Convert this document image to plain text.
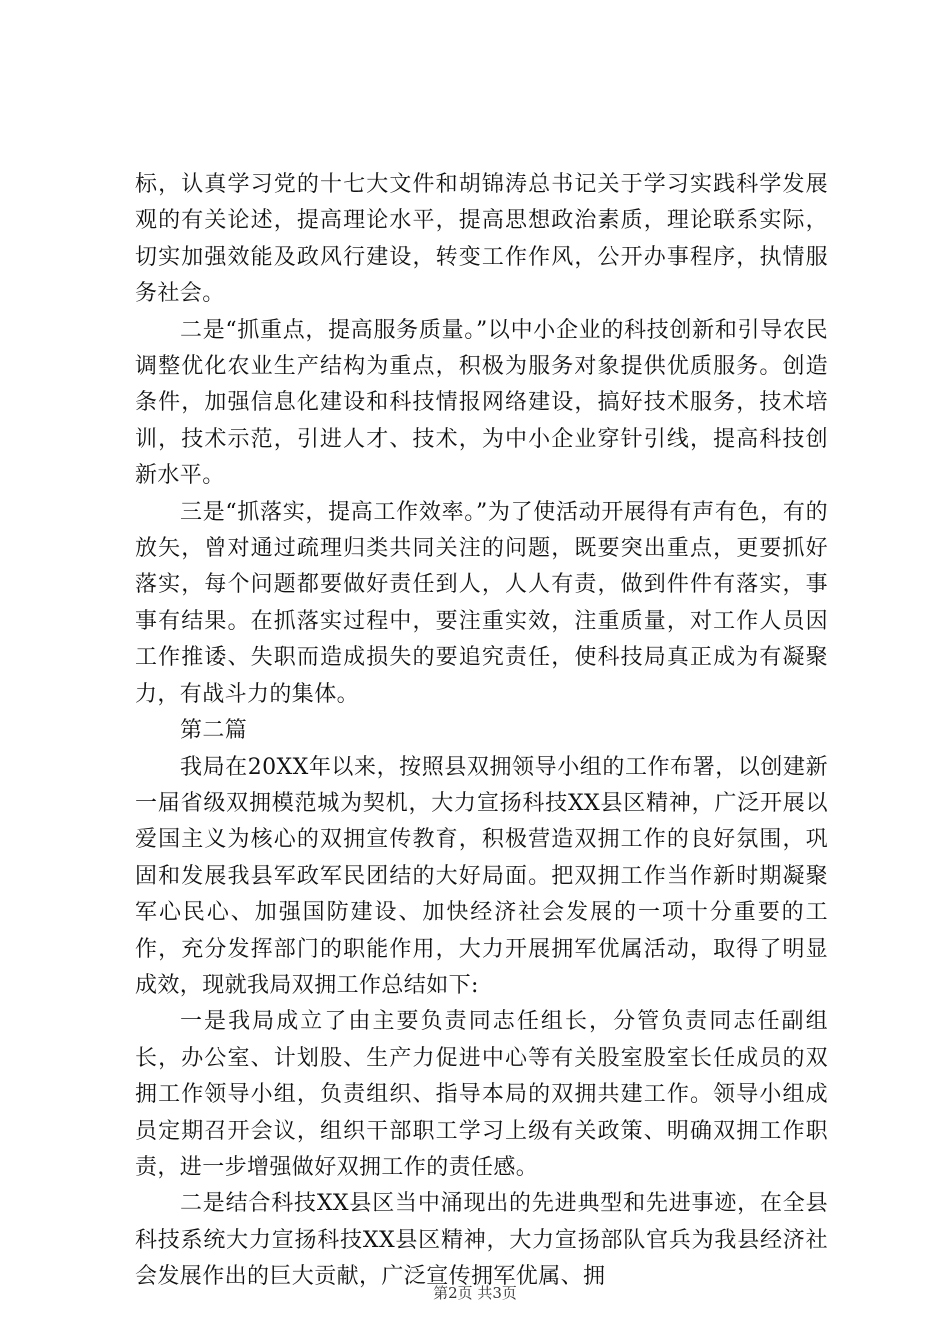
标，认真学习党的十七大文件和胡锦涛总书记关于学习实践科学发展观的有关论述，提高理论水平，提高思想政治素质，理论联系实际，切实加强效能及政风行建设，转变工作作风，公开办事程序，执情服务社会。

二是“抓重点，提高服务质量。”以中小企业的科技创新和引导农民调整优化农业生产结构为重点，积极为服务对象提供优质服务。创造条件，加强信息化建设和科技情报网络建设，搞好技术服务，技术培训，技术示范，引进人才、技术，为中小企业穿针引线，提高科技创新水平。

三是“抓落实，提高工作效率。”为了使活动开展得有声有色，有的放矢，曾对通过疏理归类共同关注的问题，既要突出重点，更要抓好落实，每个问题都要做好责任到人，人人有责，做到件件有落实，事事有结果。在抓落实过程中，要注重实效，注重质量，对工作人员因工作推诿、失职而造成损失的要追究责任，使科技局真正成为有凝聚力，有战斗力的集体。

第二篇

我局在20XX年以来，按照县双拥领导小组的工作布署，以创建新一届省级双拥模范城为契机，大力宣扬科技XX县区精神，广泛开展以爱国主义为核心的双拥宣传教育，积极营造双拥工作的良好氛围，巩固和发展我县军政军民团结的大好局面。把双拥工作当作新时期凝聚军心民心、加强国防建设、加快经济社会发展的一项十分重要的工作，充分发挥部门的职能作用，大力开展拥军优属活动，取得了明显成效，现就我局双拥工作总结如下:

一是我局成立了由主要负责同志任组长，分管负责同志任副组长，办公室、计划股、生产力促进中心等有关股室股室长任成员的双拥工作领导小组，负责组织、指导本局的双拥共建工作。领导小组成员定期召开会议，组织干部职工学习上级有关政策、明确双拥工作职责，进一步增强做好双拥工作的责任感。

二是结合科技XX县区当中涌现出的先进典型和先进事迹，在全县科技系统大力宣扬科技XX县区精神，大力宣扬部队官兵为我县经济社会发展作出的巨大贡献，广泛宣传拥军优属、拥

第2页 共3页
